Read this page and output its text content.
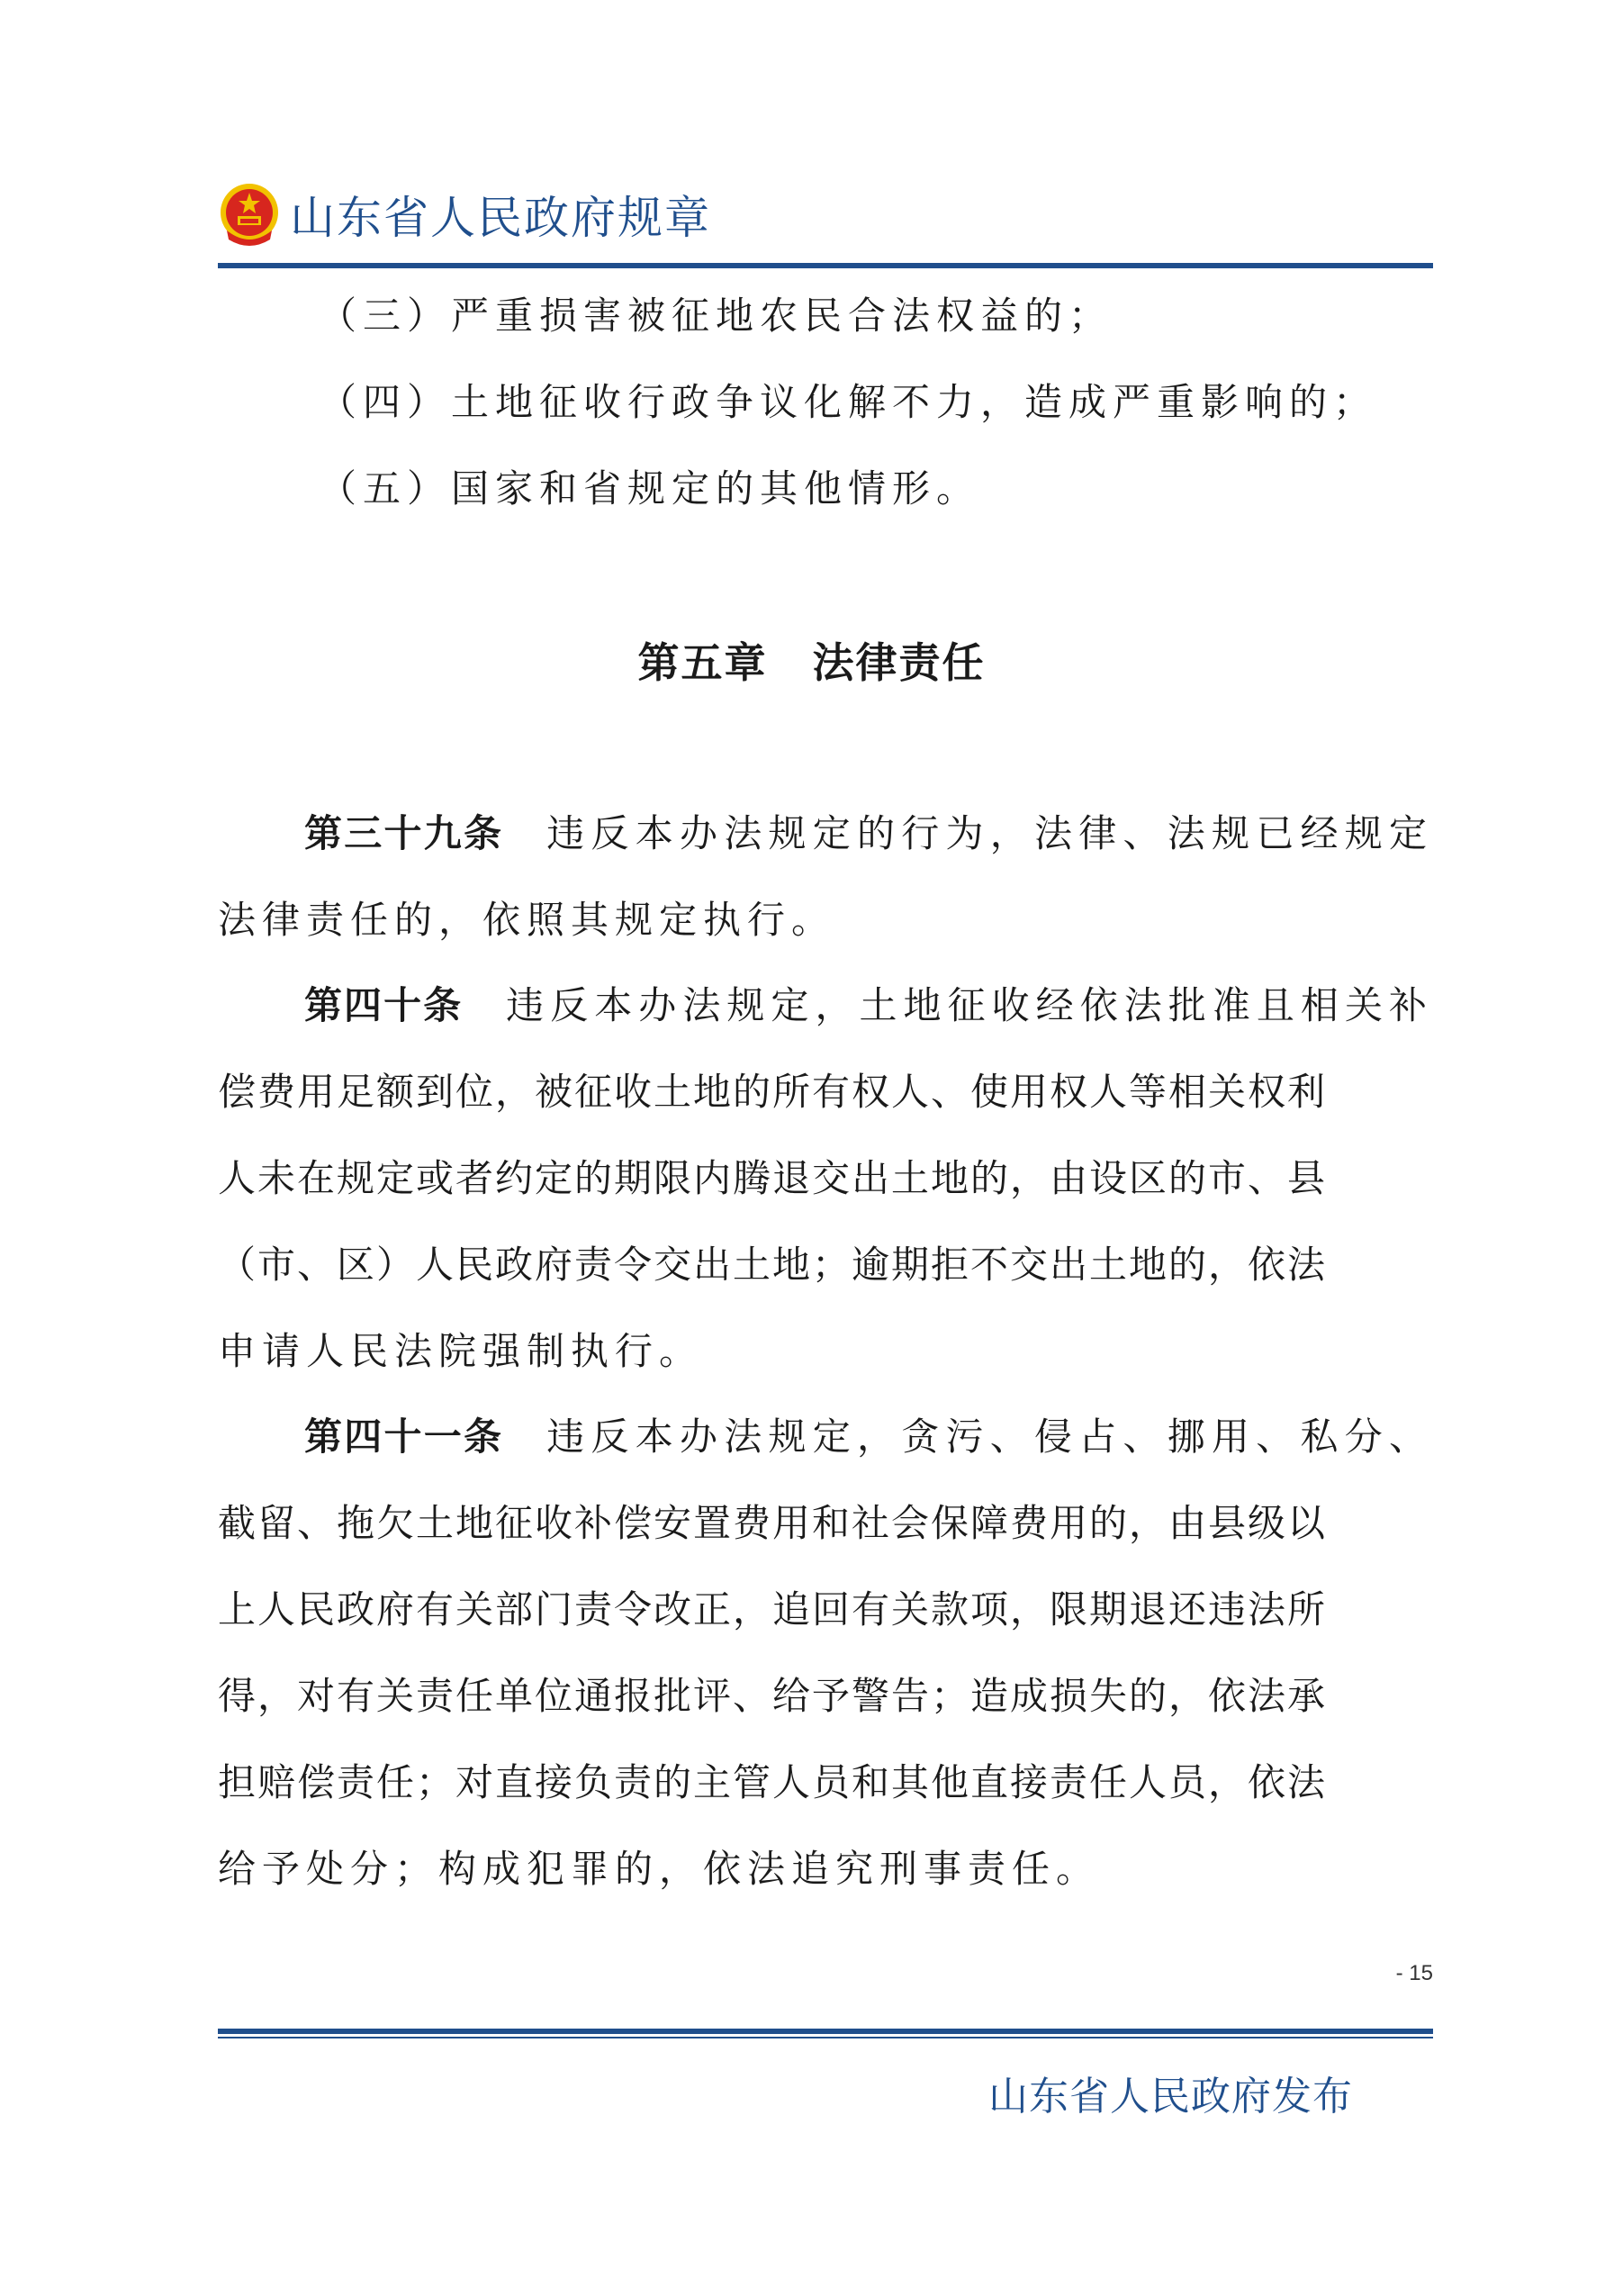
山东省人民政府规章
（三）严重损害被征地农民合法权益的；
（四）土地征收行政争议化解不力，造成严重影响的；
（五）国家和省规定的其他情形。
第五章 法律责任
第三十九条 违反本办法规定的行为，法律、法规已经规定
法律责任的，依照其规定执行。
第四十条 违反本办法规定，土地征收经依法批准且相关补
偿费用足额到位，被征收土地的所有权人、使用权人等相关权利
人未在规定或者约定的期限内腾退交出土地的，由设区的市、县
（市、区）人民政府责令交出土地；逾期拒不交出土地的，依法
申请人民法院强制执行。
第四十一条 违反本办法规定，贪污、侵占、挪用、私分、
截留、拖欠土地征收补偿安置费用和社会保障费用的，由县级以
上人民政府有关部门责令改正，追回有关款项，限期退还违法所
得，对有关责任单位通报批评、给予警告；造成损失的，依法承
担赔偿责任；对直接负责的主管人员和其他直接责任人员，依法
给予处分；构成犯罪的，依法追究刑事责任。
- 15
山东省人民政府发布
